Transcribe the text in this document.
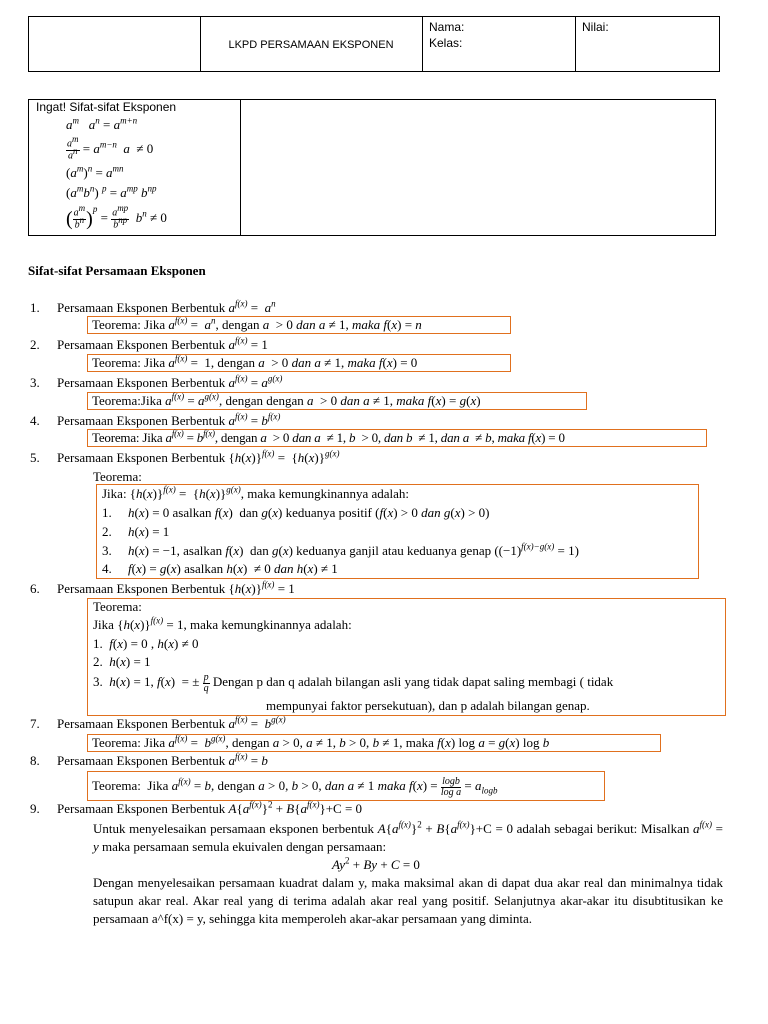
LKPD PERSAMAAN EKSPONEN
Nama:
Kelas:
Nilai:
Ingat! Sifat-sifat Eksponen
$a^m$ $a^n = a^{m+n}$
$\frac{a^m}{a^n} = a^{m-n}$ a  ≠ 0
$(a^m)^n = a^{mn}$
$(a^mb^n) ^p = a^{mp}$ $b^{np}$
( $\frac{a^m}{b^n} )^p = \frac{a^{mp}}{b^{np}} b^n \ne 0$
Sifat-sifat Persamaan Eksponen
1. Persamaan Eksponen Berbentuk $a^{f(x)} = a^n$
Teorema: Jika $a^{f(x)} = a^n$, dengan a  > 0 dan a ≠ 1, maka f(x) = n
2. Persamaan Eksponen Berbentuk $a^{f(x)} = 1$
Teorema: Jika $a^{f(x)} = 1$, dengan a  > 0 dan a ≠ 1, maka f(x) = 0
3. Persamaan Eksponen Berbentuk $a^{f(x)} = a^{g(x)}$
Teorema:Jika $a^{f(x)} = a^{g(x)}$, dengan dengan a  > 0 dan a ≠ 1, maka f(x) = g(x)
4. Persamaan Eksponen Berbentuk $a^{f(x)} = b^{f(x)}$
Teorema: Jika $a^{f(x)} = b^{f(x)}$, dengan a  > 0 dan a  ≠ 1, b  > 0, dan b  ≠ 1, dan a  ≠ b, maka f(x) = 0
5. Persamaan Eksponen Berbentuk $\{h(x)\}^{f(x)} = \{h(x)\}^{g(x)}$
Teorema:
Jika: $\{h(x)\}^{f(x)} = \{h(x)\}^{g(x)}$, maka kemungkinannya adalah:
1.     h(x) = 0 asalkan f(x)  dan g(x) keduanya positif (f(x) > 0 dan g(x) > 0)
2.     h(x) = 1
3.     h(x) = −1, asalkan f(x)  dan g(x) keduanya ganjil atau keduanya genap $((-1)^{f(x)-g(x)} = 1)$
4.     f(x) = g(x) asalkan h(x)  ≠ 0 dan h(x) ≠ 1
6. Persamaan Eksponen Berbentuk $\{h(x)\}^{f(x)} = 1$
Teorema:
Jika $\{h(x)\}^{f(x)} = 1$, maka kemungkinannya adalah:
1.  f(x) = 0 , h(x) ≠ 0
2.  h(x) = 1
3.  h(x) = 1, f(x)  = ± $\frac{p}{q}$ Dengan p dan q adalah bilangan asli yang tidak dapat saling membagi ( tidak
mempunyai faktor persekutuan), dan p adalah bilangan genap.
7. Persamaan Eksponen Berbentuk $a^{f(x)} = b^{g(x)}$
Teorema: Jika $a^{f(x)} = b^{g(x)}$, dengan a > 0, a ≠ 1, b > 0, b ≠ 1, maka f(x) log a = g(x) log b
8. Persamaan Eksponen Berbentuk $a^{f(x)} = b$
Teorema:  Jika $a^{f(x)} = b$, dengan a > 0, b > 0, dan a ≠ 1 maka $f(x) = \frac{\log b}{\text{log a}} = a_{logb}$
9. Persamaan Eksponen Berbentuk $A\{a^{f(x)}\}^2 + B\{a^{f(x)}\}+C = 0$
Untuk menyelesaikan persamaan eksponen berbentuk $A\{a^{f(x)}\}^2 + B\{a^{f(x)}\}+C = 0$ adalah sebagai berikut: Misalkan $a^{f(x)} = y$ maka persamaan semula ekuivalen dengan persamaan:
$Ay^2 + By + C = 0$
Dengan menyelesaikan persamaan kuadrat dalam y, maka maksimal akan di dapat dua akar real dan minimalnya tidak satupun akar real. Akar real yang di terima adalah akar real yang positif. Selanjutnya akar-akar itu disubtitusikan ke persamaan a^f(x) = y, sehingga kita memperoleh akar-akar persamaan yang diminta.
